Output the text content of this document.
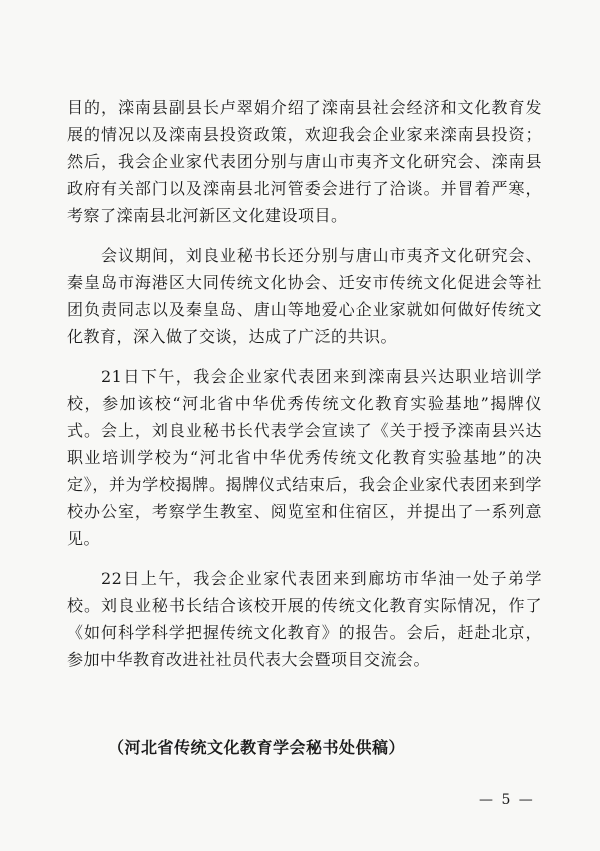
目的，滦南县副县长卢翠娟介绍了滦南县社会经济和文化教育发展的情况以及滦南县投资政策，欢迎我会企业家来滦南县投资；然后，我会企业家代表团分别与唐山市夷齐文化研究会、滦南县政府有关部门以及滦南县北河管委会进行了洽谈。并冒着严寒，考察了滦南县北河新区文化建设项目。

会议期间，刘良业秘书长还分别与唐山市夷齐文化研究会、秦皇岛市海港区大同传统文化协会、迁安市传统文化促进会等社团负责同志以及秦皇岛、唐山等地爱心企业家就如何做好传统文化教育，深入做了交谈，达成了广泛的共识。

21日下午，我会企业家代表团来到滦南县兴达职业培训学校，参加该校“河北省中华优秀传统文化教育实验基地”揭牌仪式。会上，刘良业秘书长代表学会宣读了《关于授予滦南县兴达职业培训学校为“河北省中华优秀传统文化教育实验基地”的决定》，并为学校揭牌。揭牌仪式结束后，我会企业家代表团来到学校办公室，考察学生教室、阅览室和住宿区，并提出了一系列意见。

22日上午，我会企业家代表团来到廊坊市华油一处子弟学校。刘良业秘书长结合该校开展的传统文化教育实际情况，作了《如何科学科学把握传统文化教育》的报告。会后，赶赴北京，参加中华教育改进社社员代表大会暨项目交流会。

（河北省传统文化教育学会秘书处供稿）
— 5 —
